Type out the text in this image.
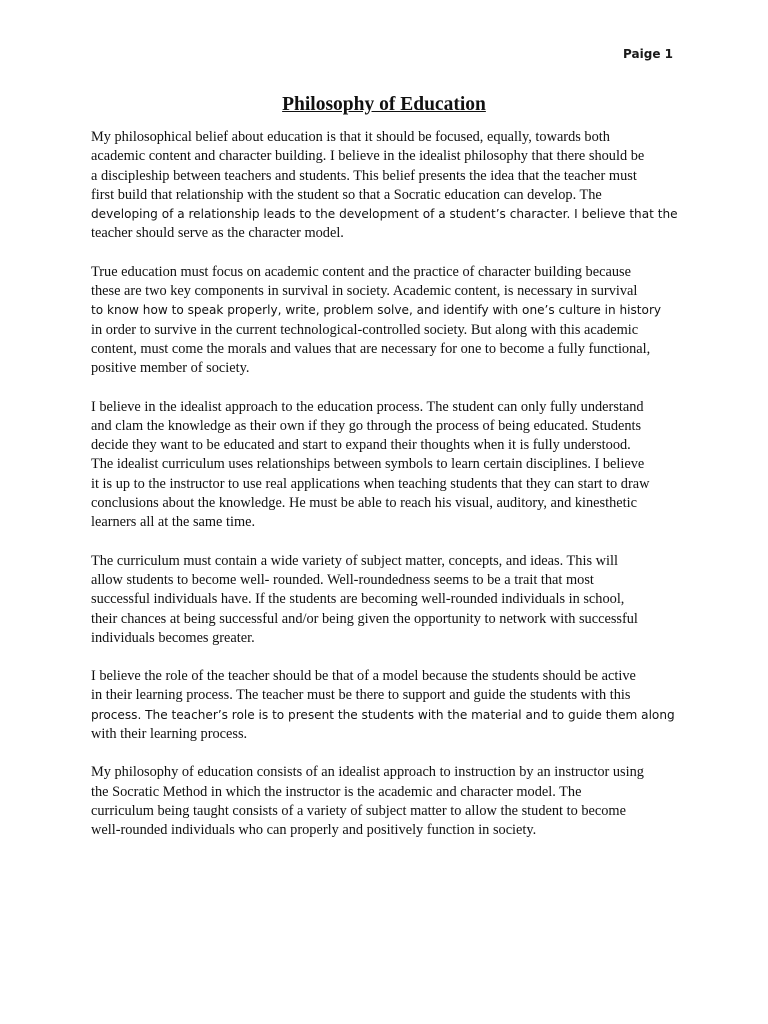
Paige 1
Philosophy of Education
My philosophical belief about education is that it should be focused, equally, towards both
academic content and character building. I believe in the idealist philosophy that there should be
a discipleship between teachers and students. This belief presents the idea that the teacher must
first build that relationship with the student so that a Socratic education can develop. The
developing of a relationship leads to the development of a student’s character. I believe that the
teacher should serve as the character model.
True education must focus on academic content and the practice of character building because
these are two key components in survival in society. Academic content, is necessary in survival
to know how to speak properly, write, problem solve, and identify with one’s culture in history
in order to survive in the current technological-controlled society. But along with this academic
content, must come the morals and values that are necessary for one to become a fully functional,
positive member of society.
I believe in the idealist approach to the education process. The student can only fully understand
and clam the knowledge as their own if they go through the process of being educated. Students
decide they want to be educated and start to expand their thoughts when it is fully understood.
The idealist curriculum uses relationships between symbols to learn certain disciplines. I believe
it is up to the instructor to use real applications when teaching students that they can start to draw
conclusions about the knowledge. He must be able to reach his visual, auditory, and kinesthetic
learners all at the same time.
The curriculum must contain a wide variety of subject matter, concepts, and ideas. This will
allow students to become well- rounded. Well-roundedness seems to be a trait that most
successful individuals have. If the students are becoming well-rounded individuals in school,
their chances at being successful and/or being given the opportunity to network with successful
individuals becomes greater.
I believe the role of the teacher should be that of a model because the students should be active
in their learning process. The teacher must be there to support and guide the students with this
process. The teacher’s role is to present the students with the material and to guide them along
with their learning process.
My philosophy of education consists of an idealist approach to instruction by an instructor using
the Socratic Method in which the instructor is the academic and character model. The
curriculum being taught consists of a variety of subject matter to allow the student to become
well-rounded individuals who can properly and positively function in society.
